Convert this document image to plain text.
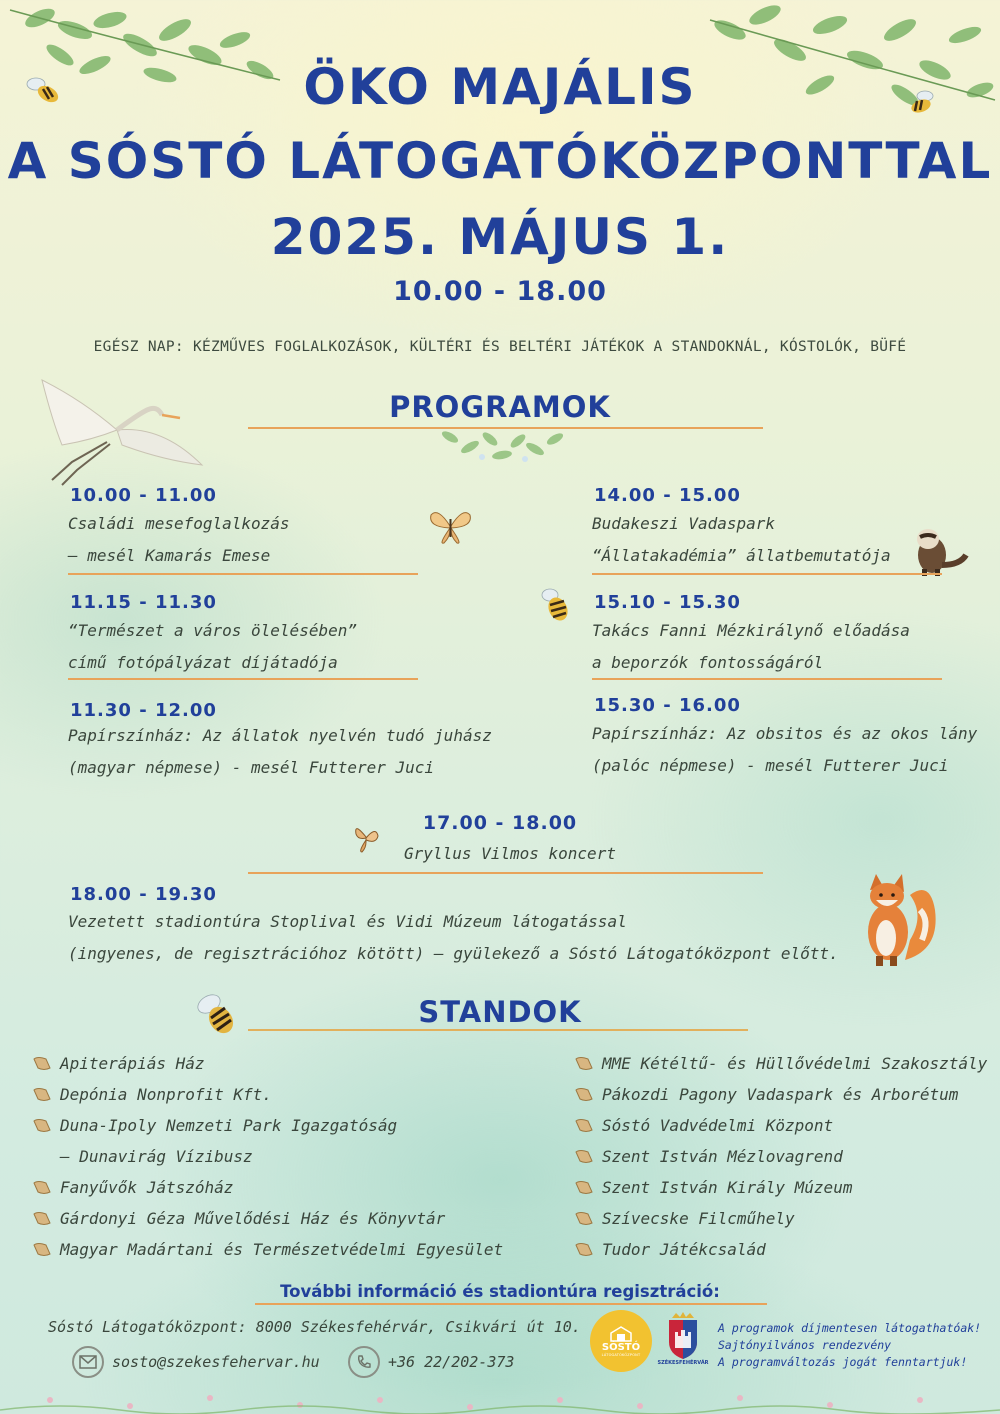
ÖKO MAJÁLIS
A SÓSTÓ LÁTOGATÓKÖZPONTTAL
2025. MÁJUS 1.
10.00 - 18.00
EGÉSZ NAP: KÉZMŰVES FOGLALKOZÁSOK, KÜLTÉRI ÉS BELTÉRI JÁTÉKOK A STANDOKNÁL, KÓSTOLÓK, BÜFÉ
PROGRAMOK
10.00 - 11.00
Családi mesefoglalkozás
– mesél Kamarás Emese
11.15 - 11.30
“Természet a város ölelésében”
című fotópályázat díjátadója
11.30 - 12.00
Papírszínház: Az állatok nyelvén tudó juhász
(magyar népmese) - mesél Futterer Juci
14.00 - 15.00
Budakeszi Vadaspark
“Állatakadémia” állatbemutatója
15.10 - 15.30
Takács Fanni Mézkirálynő előadása
a beporzók fontosságáról
15.30 - 16.00
Papírszínház: Az obsitos és az okos lány
(palóc népmese) - mesél Futterer Juci
17.00 - 18.00
Gryllus Vilmos koncert
18.00 - 19.30
Vezetett stadiontúra Stoplival és Vidi Múzeum látogatással
(ingyenes, de regisztrációhoz kötött) – gyülekező a Sóstó Látogatóközpont előtt.
STANDOK
Apiterápiás Ház
Depónia Nonprofit Kft.
Duna-Ipoly Nemzeti Park Igazgatóság
– Dunavirág Vízibusz
Fanyűvők Játszóház
Gárdonyi Géza Művelődési Ház és Könyvtár
Magyar Madártani és Természetvédelmi Egyesület
MME Kétéltű- és Hüllővédelmi Szakosztály
Pákozdi Pagony Vadaspark és Arborétum
Sóstó Vadvédelmi Központ
Szent István Mézlovagrend
Szent István Király Múzeum
Szívecske Filcműhely
Tudor Játékcsalád
További információ és stadiontúra regisztráció:
Sóstó Látogatóközpont: 8000 Székesfehérvár, Csikvári út 10.
sosto@szekesfehervar.hu	+36 22/202-373
SÓSTÓ
LÁTOGATÓKÖZPONT
SZÉKESFEHÉRVÁR
A programok díjmentesen látogathatóak!
Sajtónyilvános rendezvény
A programváltozás jogát fenntartjuk!
